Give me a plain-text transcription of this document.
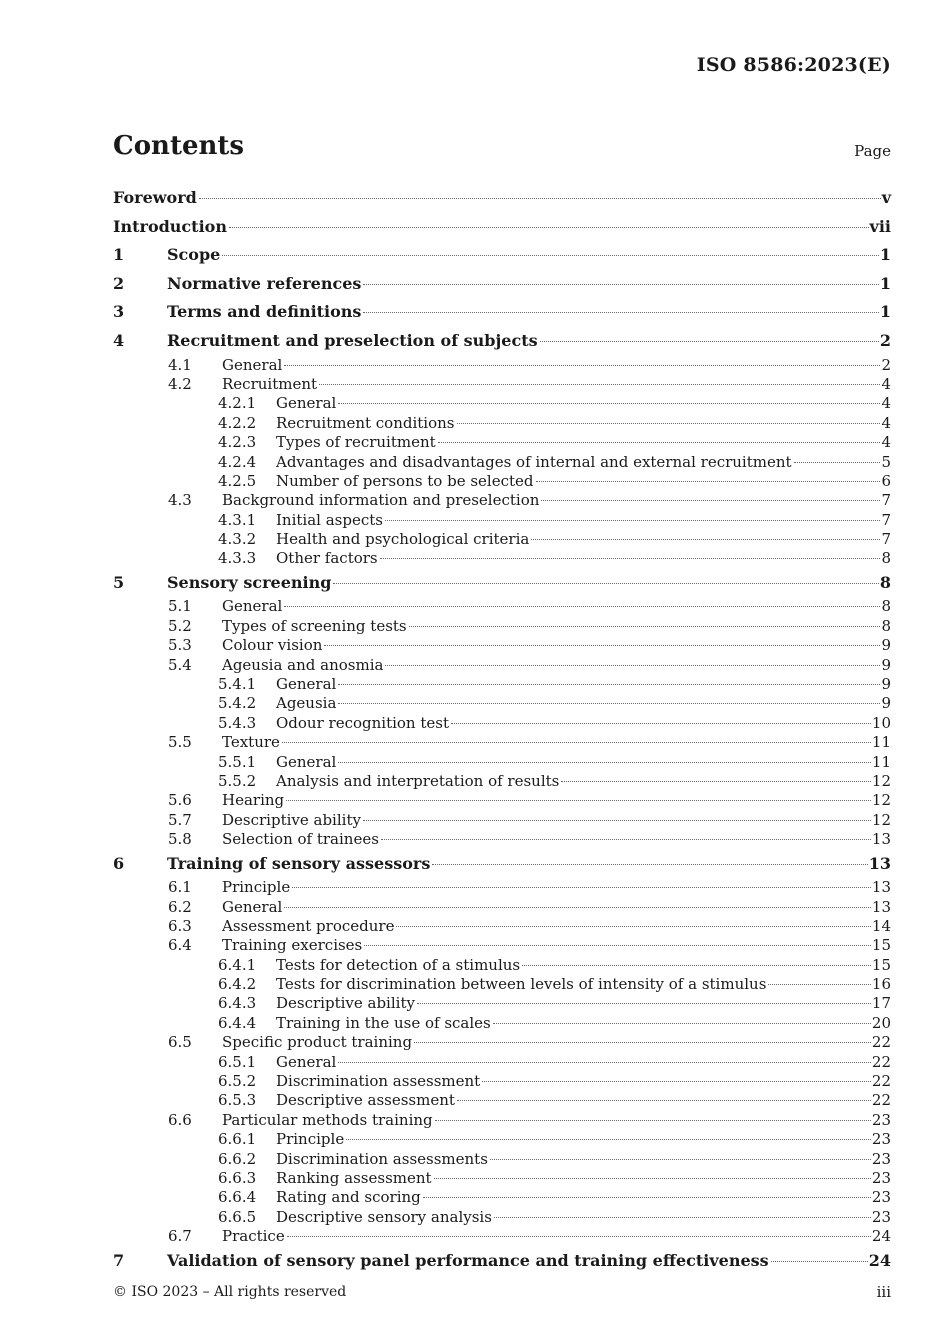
ISO 8586:2023(E)
Contents	Page
Foreword	v
Introduction	vii
1	Scope	1
2	Normative references	1
3	Terms and definitions	1
4	Recruitment and preselection of subjects	2
4.1 General	2
4.2 Recruitment	4
4.2.1 General	4
4.2.2 Recruitment conditions	4
4.2.3 Types of recruitment	4
4.2.4 Advantages and disadvantages of internal and external recruitment	5
4.2.5 Number of persons to be selected	6
4.3 Background information and preselection	7
4.3.1 Initial aspects	7
4.3.2 Health and psychological criteria	7
4.3.3 Other factors	8
5	Sensory screening	8
5.1 General	8
5.2 Types of screening tests	8
5.3 Colour vision	9
5.4 Ageusia and anosmia	9
5.4.1 General	9
5.4.2 Ageusia	9
5.4.3 Odour recognition test	10
5.5 Texture	11
5.5.1 General	11
5.5.2 Analysis and interpretation of results	12
5.6 Hearing	12
5.7 Descriptive ability	12
5.8 Selection of trainees	13
6	Training of sensory assessors	13
6.1 Principle	13
6.2 General	13
6.3 Assessment procedure	14
6.4 Training exercises	15
6.4.1 Tests for detection of a stimulus	15
6.4.2 Tests for discrimination between levels of intensity of a stimulus	16
6.4.3 Descriptive ability	17
6.4.4 Training in the use of scales	20
6.5 Specific product training	22
6.5.1 General	22
6.5.2 Discrimination assessment	22
6.5.3 Descriptive assessment	22
6.6 Particular methods training	23
6.6.1 Principle	23
6.6.2 Discrimination assessments	23
6.6.3 Ranking assessment	23
6.6.4 Rating and scoring	23
6.6.5 Descriptive sensory analysis	23
6.7 Practice	24
7	Validation of sensory panel performance and training effectiveness	24
© ISO 2023 – All rights reserved	iii
